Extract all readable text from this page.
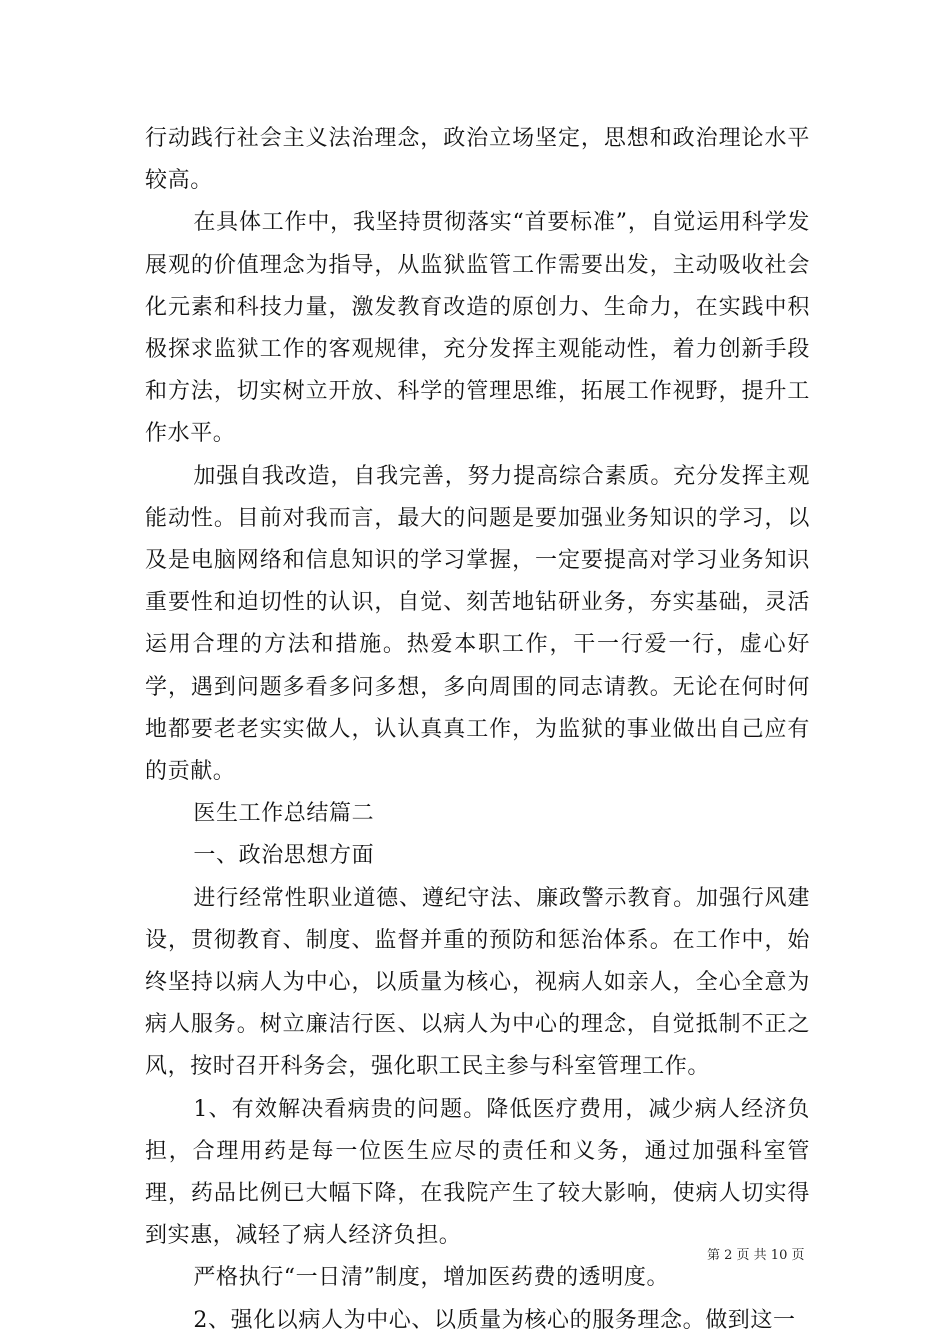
行动践行社会主义法治理念，政治立场坚定，思想和政治理论水平较高。

在具体工作中，我坚持贯彻落实“首要标准”，自觉运用科学发展观的价值理念为指导，从监狱监管工作需要出发，主动吸收社会化元素和科技力量，激发教育改造的原创力、生命力，在实践中积极探求监狱工作的客观规律，充分发挥主观能动性，着力创新手段和方法，切实树立开放、科学的管理思维，拓展工作视野，提升工作水平。

加强自我改造，自我完善，努力提高综合素质。充分发挥主观能动性。目前对我而言，最大的问题是要加强业务知识的学习，以及是电脑网络和信息知识的学习掌握，一定要提高对学习业务知识重要性和迫切性的认识，自觉、刻苦地钻研业务，夯实基础，灵活运用合理的方法和措施。热爱本职工作，干一行爱一行，虚心好学，遇到问题多看多问多想，多向周围的同志请教。无论在何时何地都要老老实实做人，认认真真工作，为监狱的事业做出自己应有的贡献。

医生工作总结篇二

一、政治思想方面

进行经常性职业道德、遵纪守法、廉政警示教育。加强行风建设，贯彻教育、制度、监督并重的预防和惩治体系。在工作中，始终坚持以病人为中心，以质量为核心，视病人如亲人，全心全意为病人服务。树立廉洁行医、以病人为中心的理念，自觉抵制不正之风，按时召开科务会，强化职工民主参与科室管理工作。

1、有效解决看病贵的问题。降低医疗费用，减少病人经济负担，合理用药是每一位医生应尽的责任和义务，通过加强科室管理，药品比例已大幅下降，在我院产生了较大影响，使病人切实得到实惠，减轻了病人经济负担。

严格执行“一日清”制度，增加医药费的透明度。

2、强化以病人为中心、以质量为核心的服务理念。做到这一

第 2 页 共 10 页
